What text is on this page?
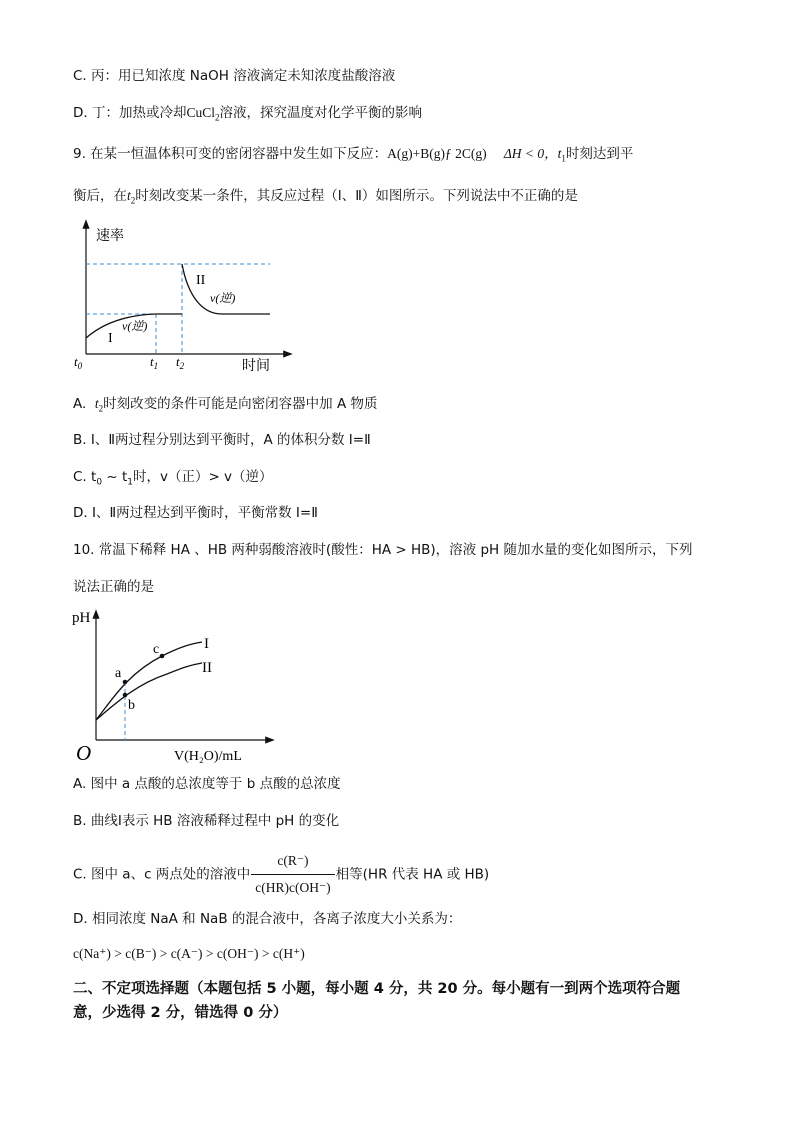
C. 丙：用已知浓度 NaOH 溶液滴定未知浓度盐酸溶液
D. 丁：加热或冷却CuCl$_2$溶液，探究温度对化学平衡的影响
9. 在某一恒温体积可变的密闭容器中发生如下反应：A(g)+B(g)ƒ 2C(g) ΔH < 0，$t_1$时刻达到平
衡后，在$t_2$时刻改变某一条件，其反应过程（Ⅰ、Ⅱ）如图所示。下列说法中不正确的是
速率
II
v(逆)
v(逆)
I
$t_0$	$t_1$ $t_2$	时间
A. $t_2$时刻改变的条件可能是向密闭容器中加 A 物质
B. Ⅰ、Ⅱ两过程分别达到平衡时，A 的体积分数 Ⅰ=Ⅱ
C. $t_0$ ~ $t_1$时，v（正）> v（逆）
D. Ⅰ、Ⅱ两过程达到平衡时，平衡常数 Ⅰ=Ⅱ
10. 常温下稀释 HA 、HB 两种弱酸溶液时(酸性：HA > HB)，溶液 pH 随加水量的变化如图所示，下列
说法正确的是
pH
a
b
c	I
II
O	V(H₂O)/mL
A. 图中 a 点酸的总浓度等于 b 点酸的总浓度
B. 曲线Ⅰ表示 HB 溶液稀释过程中 pH 的变化
C. 图中 a、c 两点处的溶液中 $\frac{c(R^-)}{c(HR)c(OH^-)}$ 相等(HR 代表 HA 或 HB)
D. 相同浓度 NaA 和 NaB 的混合液中，各离子浓度大小关系为：
c(Na⁺) > c(B⁻) > c(A⁻) > c(OH⁻) > c(H⁺)
二、不定项选择题（本题包括 5 小题，每小题 4 分，共 20 分。每小题有一到两个选项符合题
意，少选得 2 分，错选得 0 分）
